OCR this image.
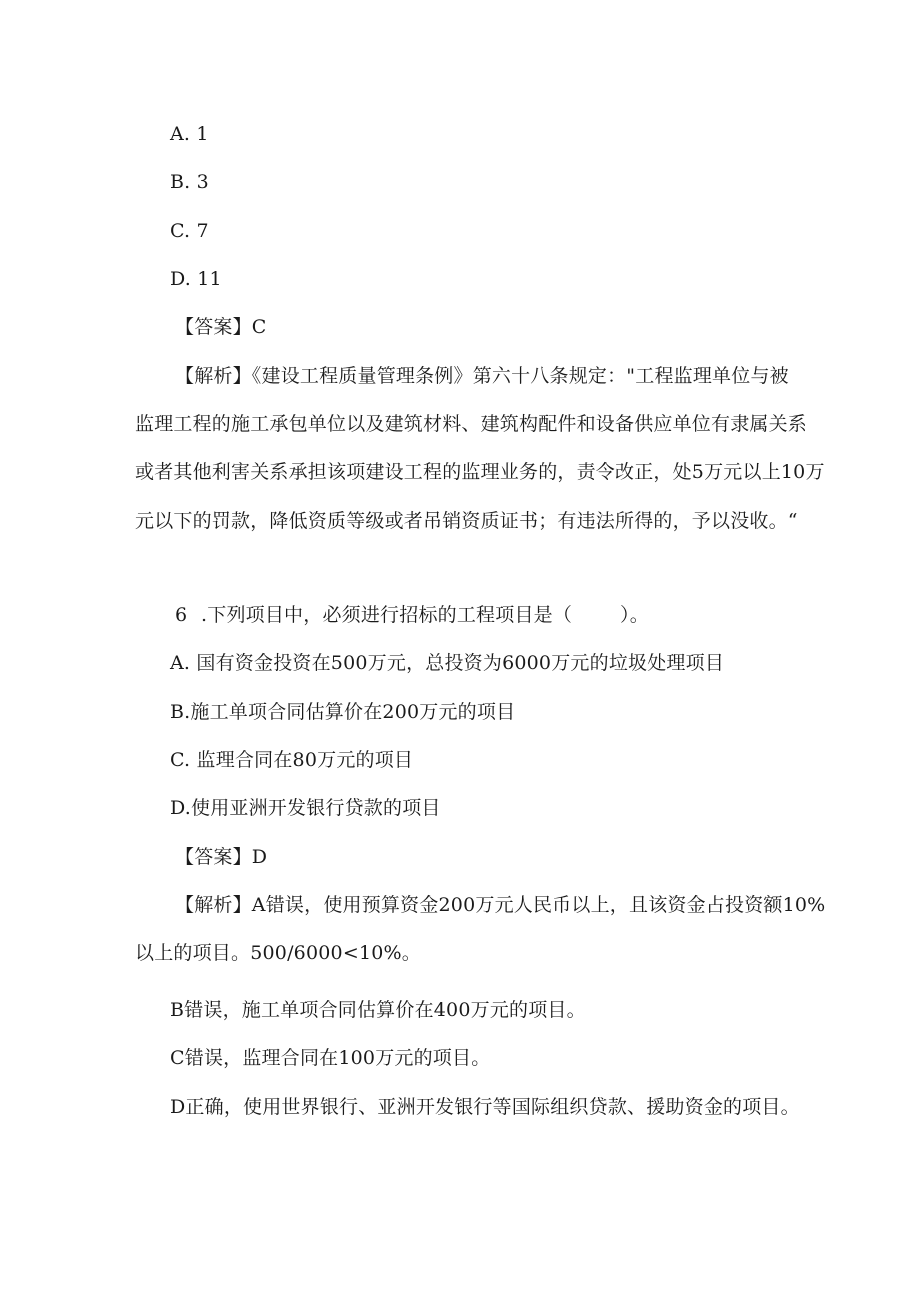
A. 1
B. 3
C. 7
D. 11
【答案】C
【解析】《建设工程质量管理条例》第六十八条规定："工程监理单位与被
监理工程的施工承包单位以及建筑材料、建筑构配件和设备供应单位有隶属关系
或者其他利害关系承担该项建设工程的监理业务的，责令改正，处5万元以上10万
元以下的罚款，降低资质等级或者吊销资质证书；有违法所得的，予以没收。“
6 .下列项目中，必须进行招标的工程项目是（	）。
A. 国有资金投资在500万元，总投资为6000万元的垃圾处理项目
B.施工单项合同估算价在200万元的项目
C. 监理合同在80万元的项目
D.使用亚洲开发银行贷款的项目
【答案】D
【解析】A错误，使用预算资金200万元人民币以上，且该资金占投资额10%
以上的项目。500/6000<10%。
B错误，施工单项合同估算价在400万元的项目。
C错误，监理合同在100万元的项目。
D正确，使用世界银行、亚洲开发银行等国际组织贷款、援助资金的项目。
